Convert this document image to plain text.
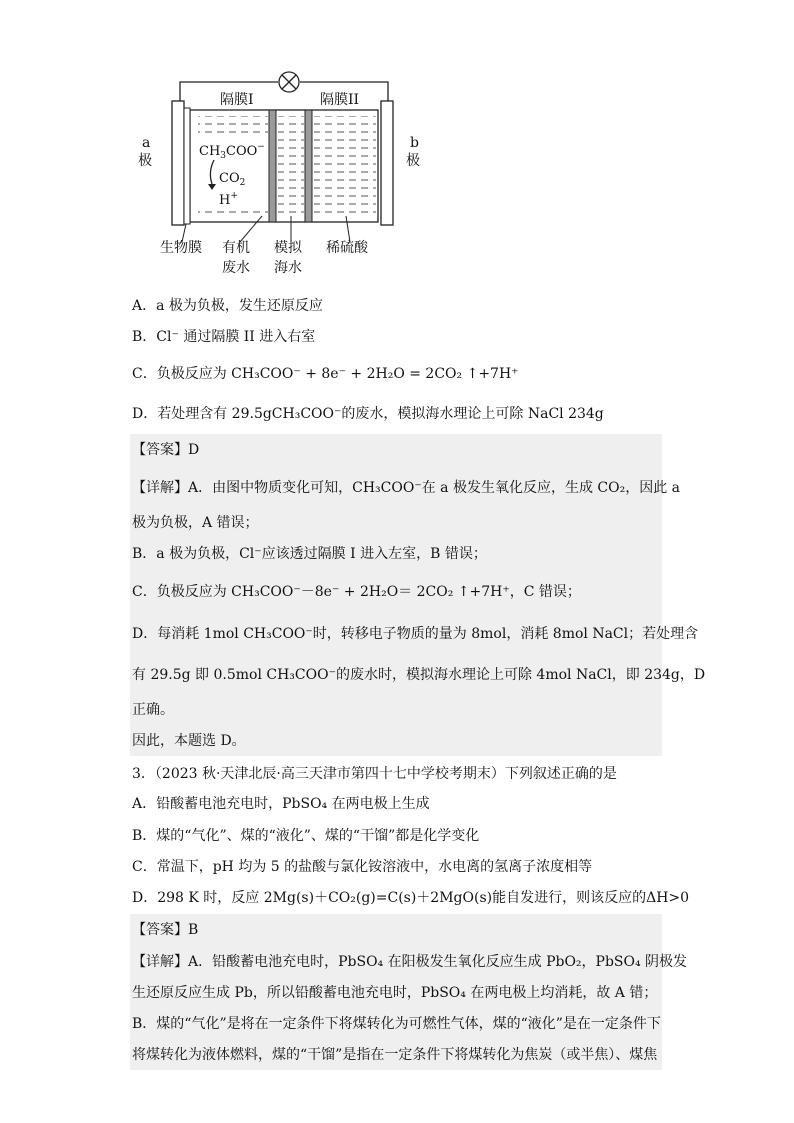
隔膜I	隔膜II
a
极
b
极
$CH_3COO^-$
$CO_2$
H+
生物膜 有机
废水
模拟
海水
稀硫酸
A．a 极为负极，发生还原反应
B．Cl⁻ 通过隔膜 II 进入右室
C．负极反应为 CH₃COO⁻ + 8e⁻ + 2H₂O = 2CO₂ ↑+7H⁺
D．若处理含有 29.5gCH₃COO⁻的废水，模拟海水理论上可除 NaCl 234g
【答案】D
【详解】A．由图中物质变化可知，CH₃COO⁻在 a 极发生氧化反应，生成 CO₂，因此 a
极为负极，A 错误；
B．a 极为负极，Cl⁻应该透过隔膜 I 进入左室，B 错误；
C．负极反应为 CH₃COO⁻－8e⁻ + 2H₂O＝ 2CO₂ ↑+7H⁺，C 错误；
D．每消耗 1mol CH₃COO⁻时，转移电子物质的量为 8mol，消耗 8mol NaCl；若处理含
有 29.5g 即 0.5mol CH₃COO⁻的废水时，模拟海水理论上可除 4mol NaCl，即 234g，D
正确。
因此，本题选 D。
3．（2023 秋·天津北辰·高三天津市第四十七中学校考期末）下列叙述正确的是
A．铅酸蓄电池充电时，PbSO₄ 在两电极上生成
B．煤的“气化”、煤的“液化”、煤的“干馏”都是化学变化
C．常温下，pH 均为 5 的盐酸与氯化铵溶液中，水电离的氢离子浓度相等
D．298 K 时，反应 2Mg(s)＋CO₂(g)=C(s)＋2MgO(s)能自发进行，则该反应的ΔH>0
【答案】B
【详解】A．铅酸蓄电池充电时，PbSO₄ 在阳极发生氧化反应生成 PbO₂，PbSO₄ 阴极发
生还原反应生成 Pb，所以铅酸蓄电池充电时，PbSO₄ 在两电极上均消耗，故 A 错；
B．煤的“气化”是将在一定条件下将煤转化为可燃性气体，煤的“液化”是在一定条件下
将煤转化为液体燃料，煤的“干馏”是指在一定条件下将煤转化为焦炭（或半焦）、煤焦
